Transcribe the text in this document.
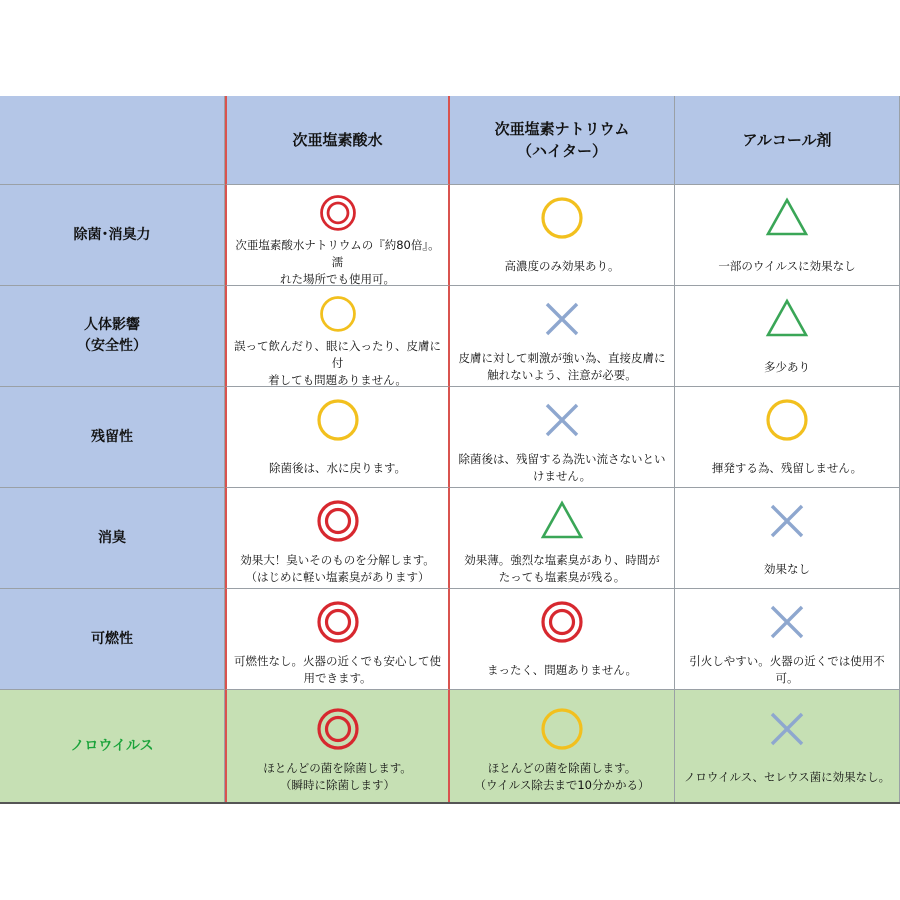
次亜塩素酸水
次亜塩素ナトリウム
（ハイター）
アルコール剤
除菌･消臭力
次亜塩素酸水ナトリウムの『約80倍』。濡
れた場所でも使用可。
高濃度のみ効果あり。	一部のウイルスに効果なし
人体影響
（安全性）	誤って飲んだり、眼に入ったり、皮膚に付
着しても問題ありません。
皮膚に対して刺激が強い為、直接皮膚に
触れないよう、注意が必要。
多少あり
残留性
除菌後は、水に戻ります。
除菌後は、残留する為洗い流さないとい
けません。
揮発する為、残留しません。
消臭
効果大！臭いそのものを分解します。
（はじめに軽い塩素臭があります）
効果薄。強烈な塩素臭があり、時間が
たっても塩素臭が残る。
効果なし
可燃性
可燃性なし。火器の近くでも安心して使
用できます。
まったく、問題ありません。
引火しやすい。火器の近くでは使用不
可。
ノロウイルス
ほとんどの菌を除菌します。
（瞬時に除菌します）
ほとんどの菌を除菌します。
（ウイルス除去まで10分かかる）
ノロウイルス、セレウス菌に効果なし。
